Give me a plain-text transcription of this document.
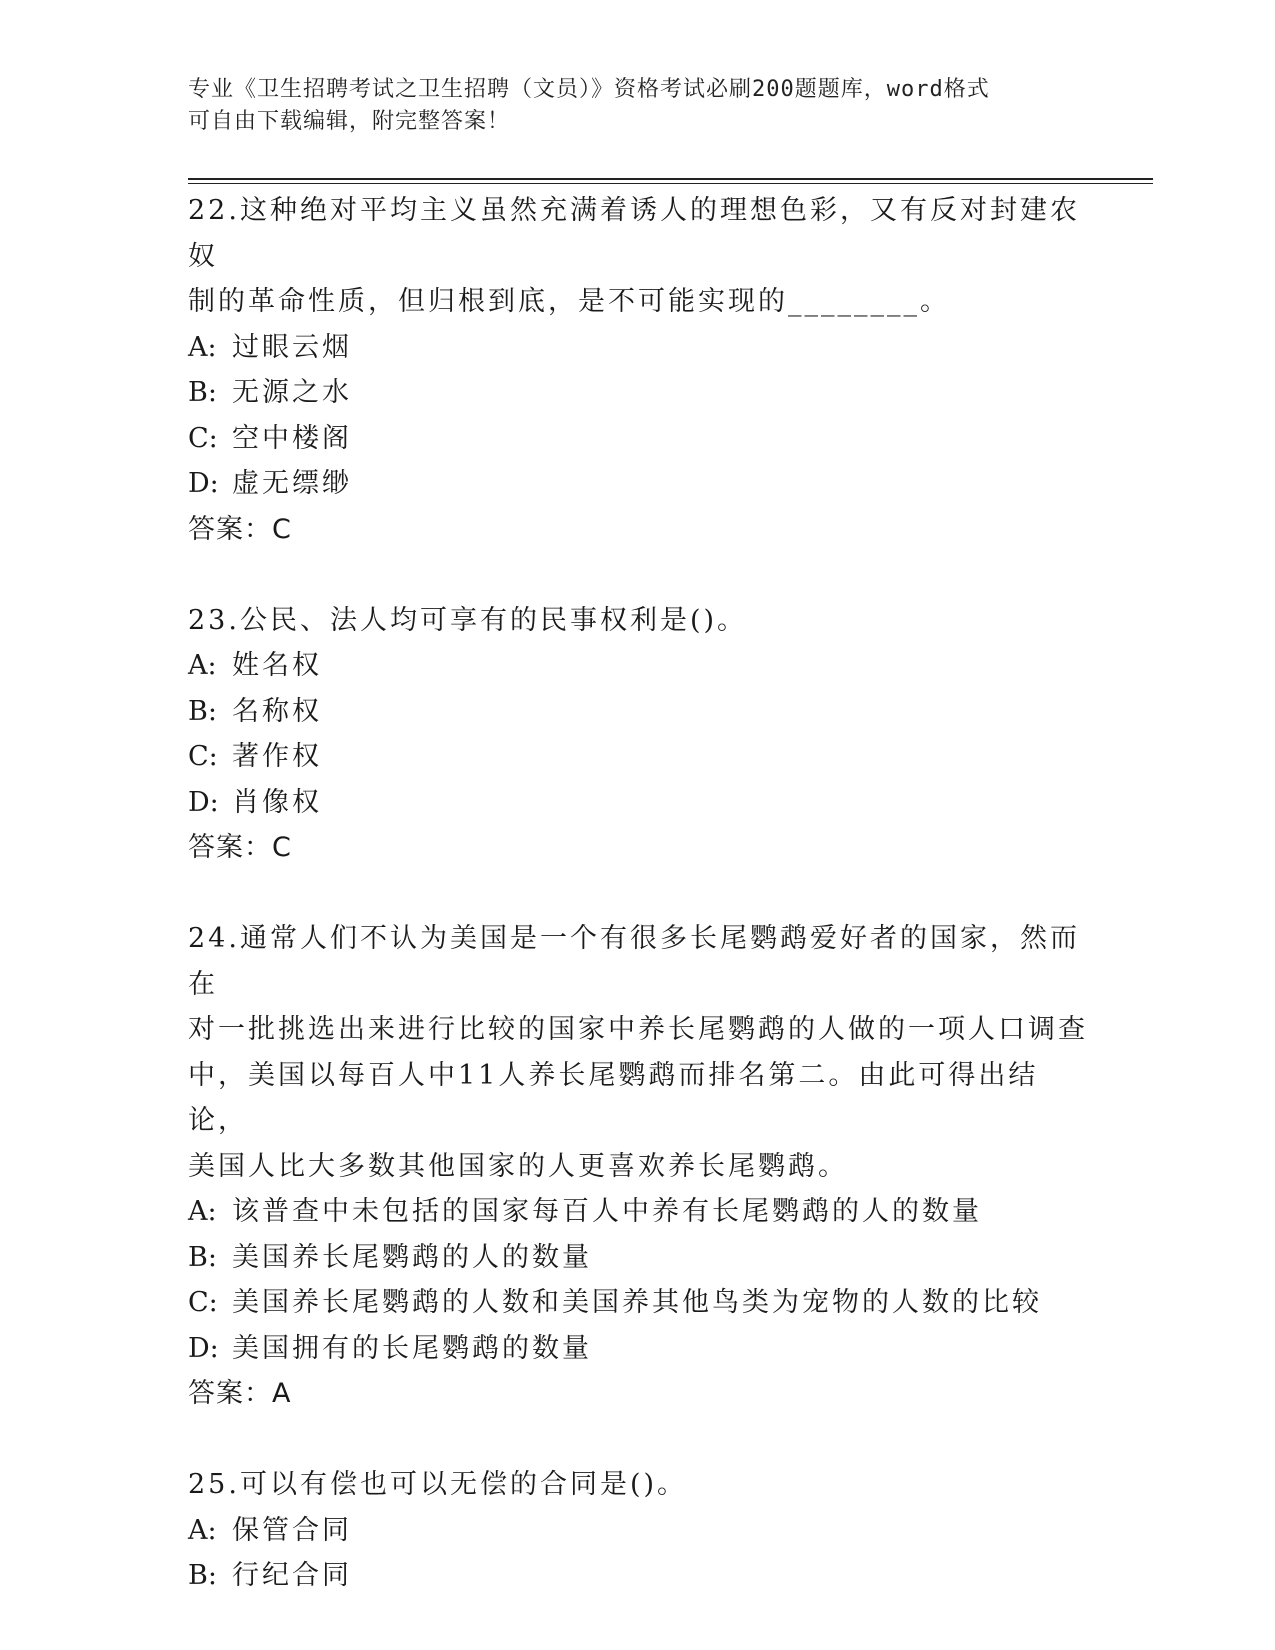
专业《卫生招聘考试之卫生招聘（文员）》资格考试必刷200题题库，word格式
可自由下载编辑，附完整答案！

22.这种绝对平均主义虽然充满着诱人的理想色彩，又有反对封建农奴

制的革命性质，但归根到底，是不可能实现的________。

A: 过眼云烟

B: 无源之水

C: 空中楼阁

D: 虚无缥缈

答案：C

23.公民、法人均可享有的民事权利是()。

A: 姓名权

B: 名称权

C: 著作权

D: 肖像权

答案：C

24.通常人们不认为美国是一个有很多长尾鹦鹉爱好者的国家，然而在

对一批挑选出来进行比较的国家中养长尾鹦鹉的人做的一项人口调查

中，美国以每百人中11人养长尾鹦鹉而排名第二。由此可得出结论，

美国人比大多数其他国家的人更喜欢养长尾鹦鹉。

A: 该普查中未包括的国家每百人中养有长尾鹦鹉的人的数量

B: 美国养长尾鹦鹉的人的数量

C: 美国养长尾鹦鹉的人数和美国养其他鸟类为宠物的人数的比较

D: 美国拥有的长尾鹦鹉的数量

答案：A

25.可以有偿也可以无偿的合同是()。

A: 保管合同

B: 行纪合同
